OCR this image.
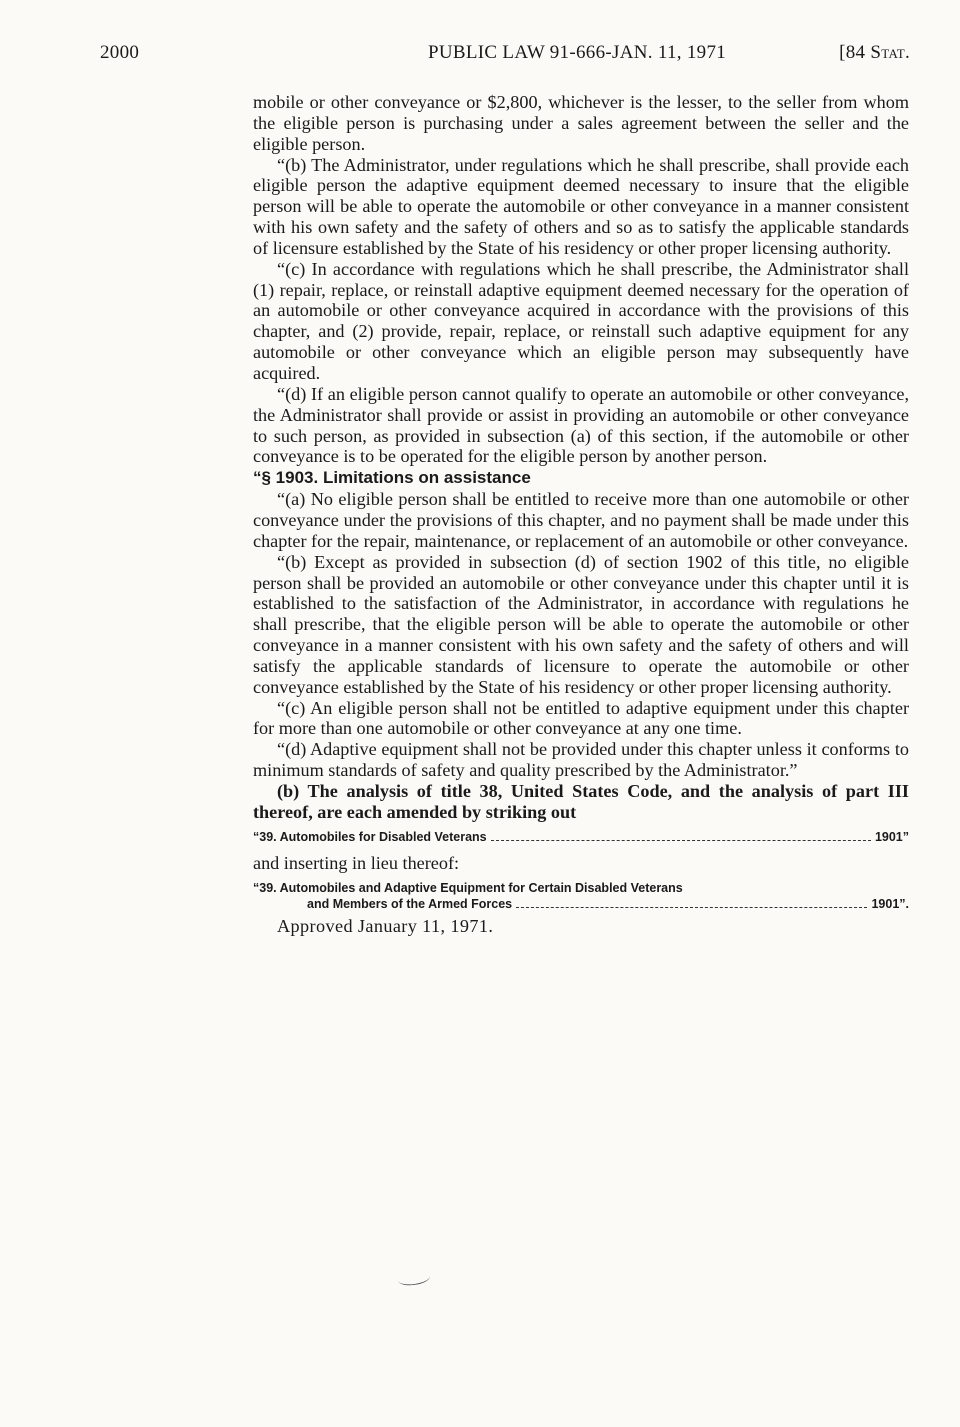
2000	PUBLIC LAW 91-666-JAN. 11, 1971	[84 Stat.

mobile or other conveyance or $2,800, whichever is the lesser, to the seller from whom the eligible person is purchasing under a sales agreement between the seller and the eligible person.

“(b) The Administrator, under regulations which he shall prescribe, shall provide each eligible person the adaptive equipment deemed necessary to insure that the eligible person will be able to operate the automobile or other conveyance in a manner consistent with his own safety and the safety of others and so as to satisfy the applicable standards of licensure established by the State of his residency or other proper licensing authority.

“(c) In accordance with regulations which he shall prescribe, the Administrator shall (1) repair, replace, or reinstall adaptive equipment deemed necessary for the operation of an automobile or other conveyance acquired in accordance with the provisions of this chapter, and (2) provide, repair, replace, or reinstall such adaptive equipment for any automobile or other conveyance which an eligible person may subsequently have acquired.

“(d) If an eligible person cannot qualify to operate an automobile or other conveyance, the Administrator shall provide or assist in providing an automobile or other conveyance to such person, as provided in subsection (a) of this section, if the automobile or other conveyance is to be operated for the eligible person by another person.

“§ 1903. Limitations on assistance

“(a) No eligible person shall be entitled to receive more than one automobile or other conveyance under the provisions of this chapter, and no payment shall be made under this chapter for the repair, maintenance, or replacement of an automobile or other conveyance.

“(b) Except as provided in subsection (d) of section 1902 of this title, no eligible person shall be provided an automobile or other conveyance under this chapter until it is established to the satisfaction of the Administrator, in accordance with regulations he shall prescribe, that the eligible person will be able to operate the automobile or other conveyance in a manner consistent with his own safety and the safety of others and will satisfy the applicable standards of licensure to operate the automobile or other conveyance established by the State of his residency or other proper licensing authority.

“(c) An eligible person shall not be entitled to adaptive equipment under this chapter for more than one automobile or other conveyance at any one time.

“(d) Adaptive equipment shall not be provided under this chapter unless it conforms to minimum standards of safety and quality prescribed by the Administrator.”

(b) The analysis of title 38, United States Code, and the analysis of part III thereof, are each amended by striking out

“39. Automobiles for Disabled Veterans	1901”

and inserting in lieu thereof:

“39. Automobiles and Adaptive Equipment for Certain Disabled Veterans
and Members of the Armed Forces	1901”.

Approved January 11, 1971.
